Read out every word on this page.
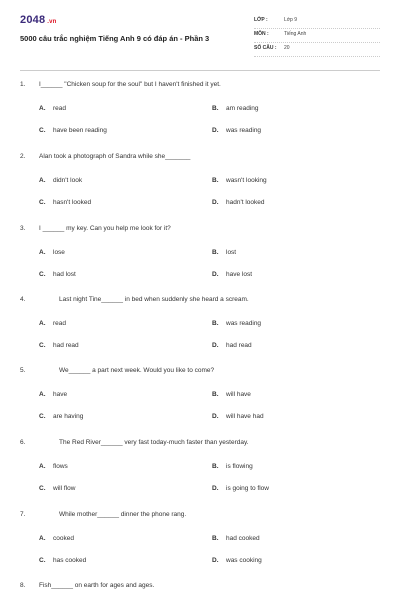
2048 .vn
5000 câu trắc nghiệm Tiếng Anh 9 có đáp án - Phần 3
LỚP :	Lớp 9
MÔN :	Tiếng Anh
SỐ CÂU : 20
1. I______ "Chicken soup for the soul" but I haven't finished it yet.
A. read	B. am reading
C. have been reading	D. was reading
2. Alan took a photograph of Sandra while she_______
A. didn't look	B. wasn't looking
C. hasn't looked	D. hadn't looked
3. I ______ my key. Can you help me look for it?
A. lose	B. lost
C. had lost	D. have lost
4.	Last night Tine______ in bed when suddenly she heard a scream.
A. read	B. was reading
C. had read	D. had read
5.	We______ a part next week. Would you like to come?
A. have	B. will have
C. are having	D. will have had
6.	The Red River______ very fast today-much faster than yesterday.
A. flows	B. is flowing
C. will flow	D. is going to flow
7.	While mother______ dinner the phone rang.
A. cooked	B. had cooked
C. has cooked	D. was cooking
8. Fish______ on earth for ages and ages.
